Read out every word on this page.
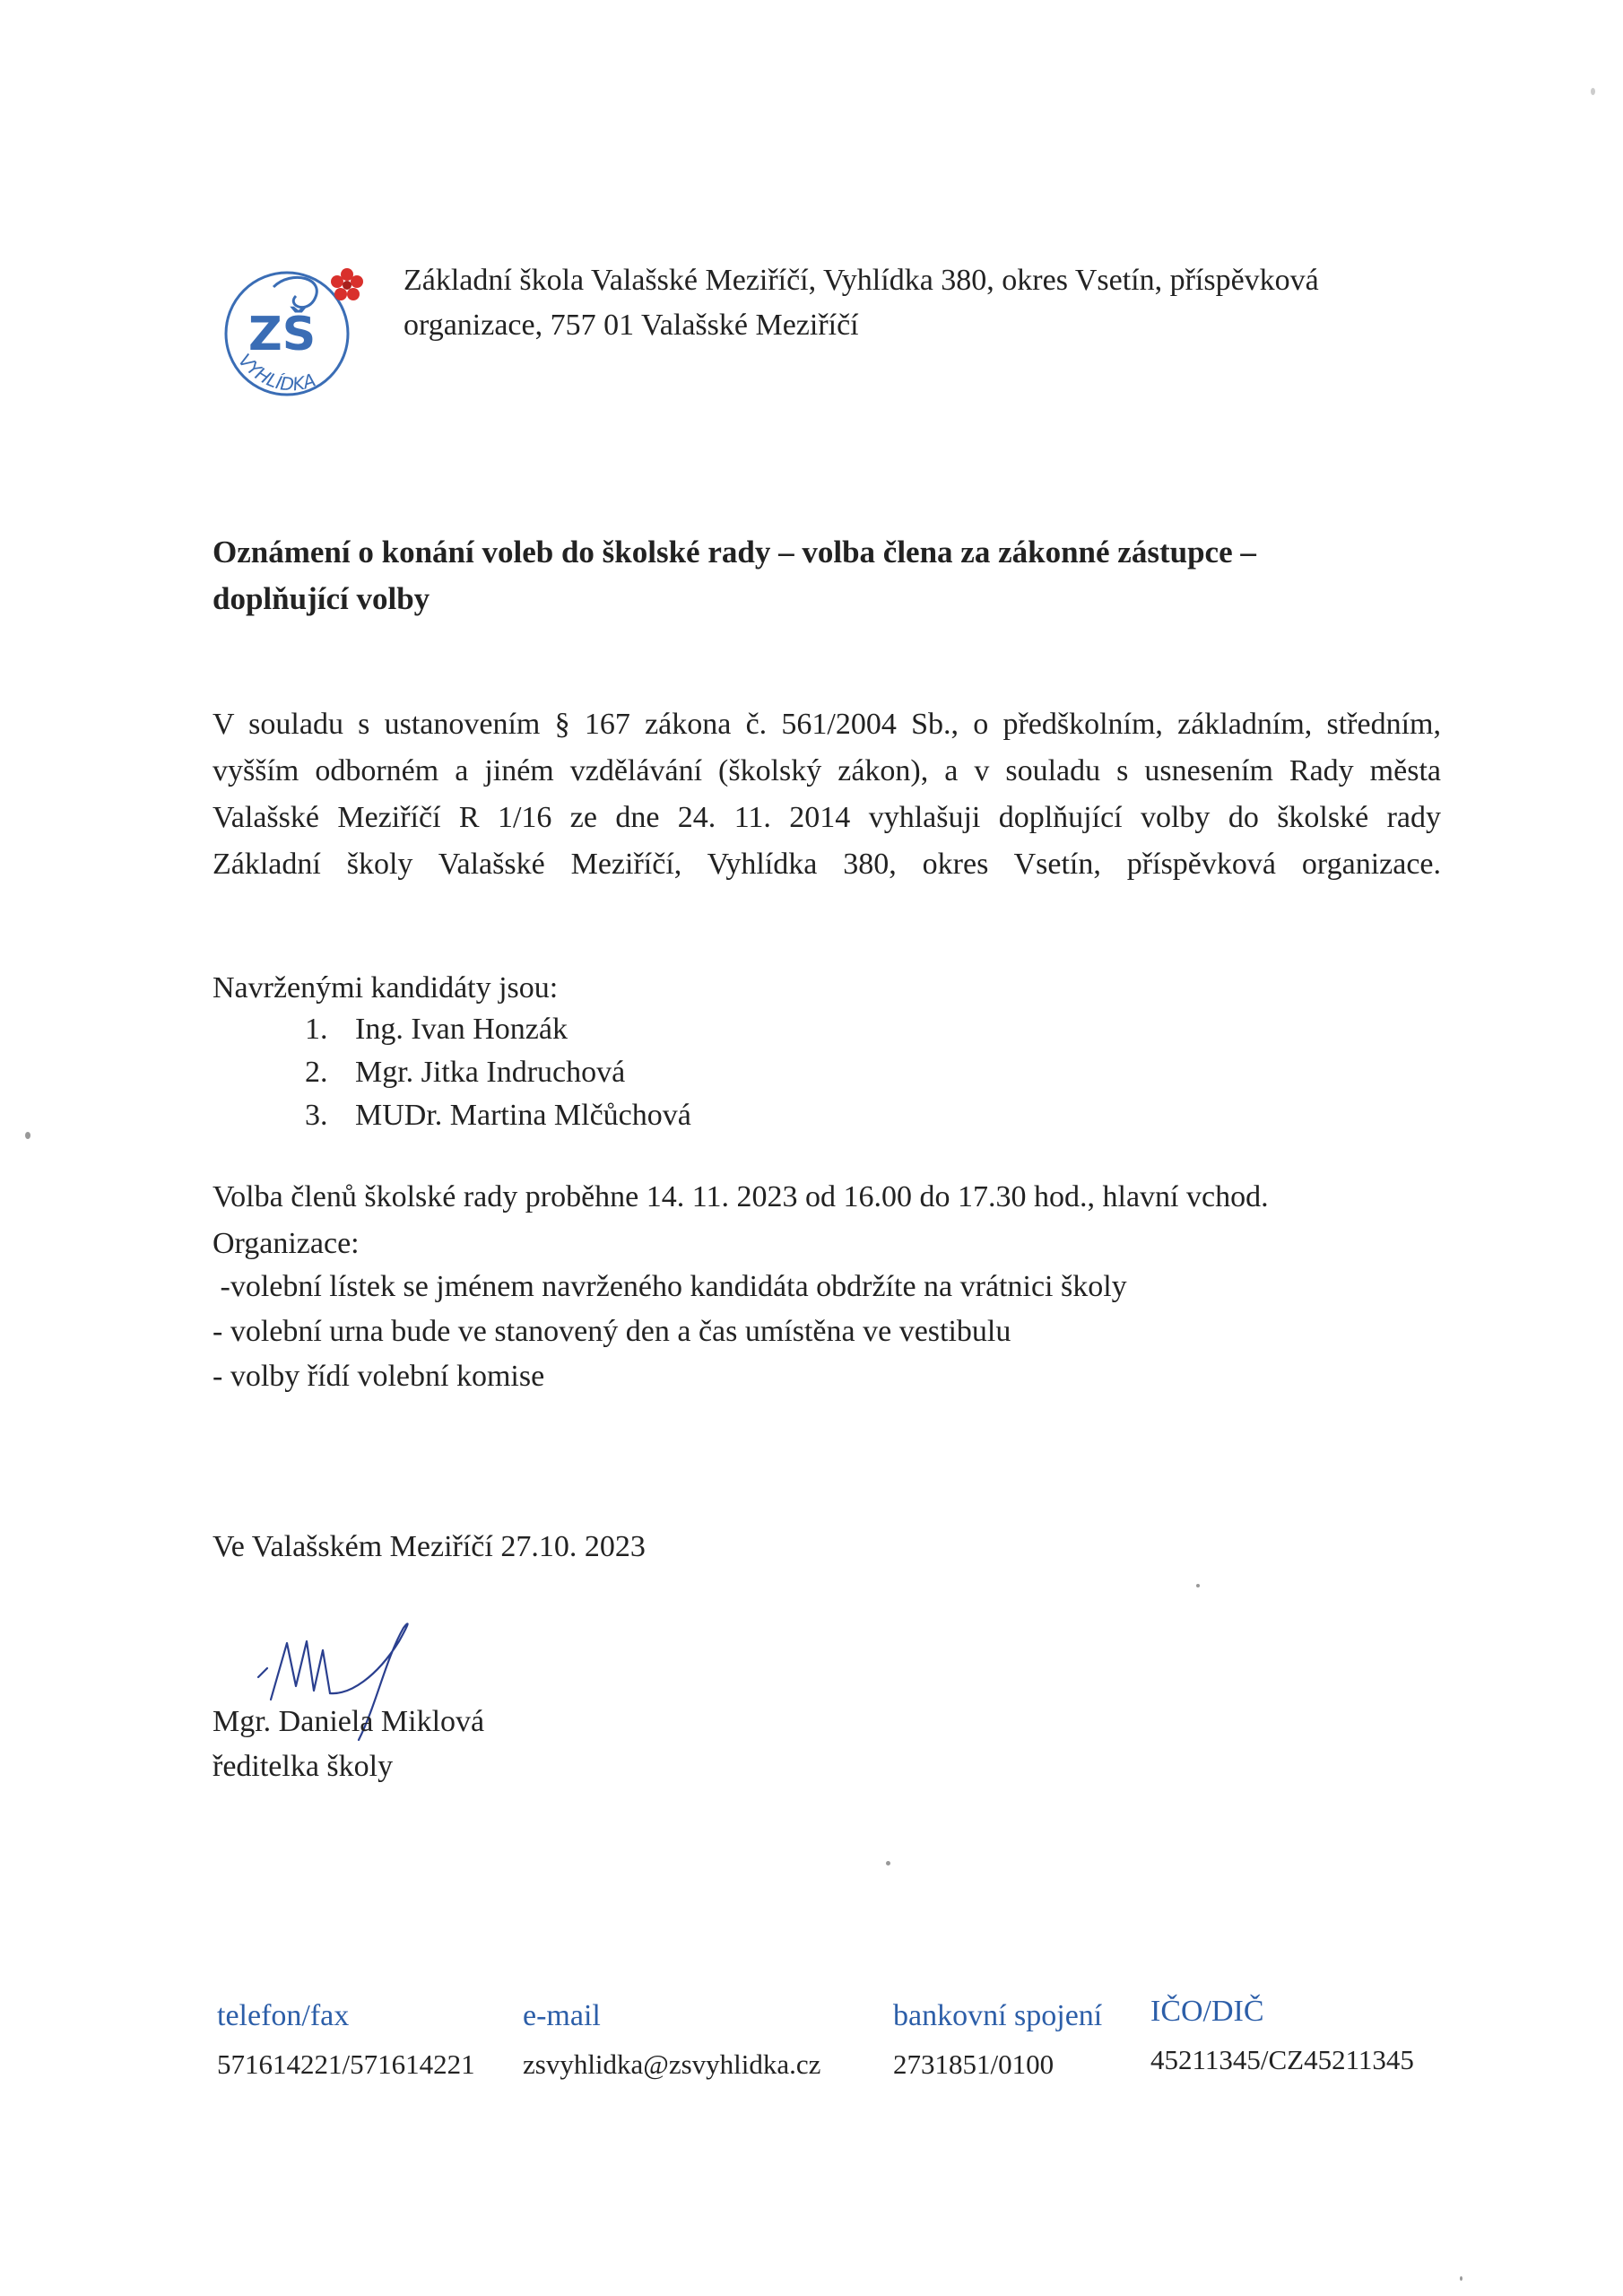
ZŠ
VYHLÍDKA
Základní škola Valašské Meziříčí, Vyhlídka 380, okres Vsetín, příspěvková
organizace, 757 01 Valašské Meziříčí
Oznámení o konání voleb do školské rady – volba člena za zákonné zástupce –
doplňující volby
V souladu s ustanovením § 167 zákona č. 561/2004 Sb., o předškolním, základním, středním,
vyšším odborném a jiném vzdělávání (školský zákon), a v souladu s usnesením Rady města
Valašské Meziříčí R 1/16 ze dne 24. 11. 2014 vyhlašuji doplňující volby do školské rady
Základní školy Valašské Meziříčí, Vyhlídka 380, okres Vsetín, příspěvková organizace.
Navrženými kandidáty jsou:
1. Ing. Ivan Honzák
2. Mgr. Jitka Indruchová
3. MUDr. Martina Mlčůchová
Volba členů školské rady proběhne 14. 11. 2023 od 16.00 do 17.30 hod., hlavní vchod.
Organizace:
-volební lístek se jménem navrženého kandidáta obdržíte na vrátnici školy
- volební urna bude ve stanovený den a čas umístěna ve vestibulu
- volby řídí volební komise
Ve Valašském Meziříčí 27.10. 2023
Mgr. Daniela Miklová
ředitelka školy
telefon/fax
571614221/571614221
e-mail
zsvyhlidka@zsvyhlidka.cz
bankovní spojení
2731851/0100
IČO/DIČ
45211345/CZ45211345
